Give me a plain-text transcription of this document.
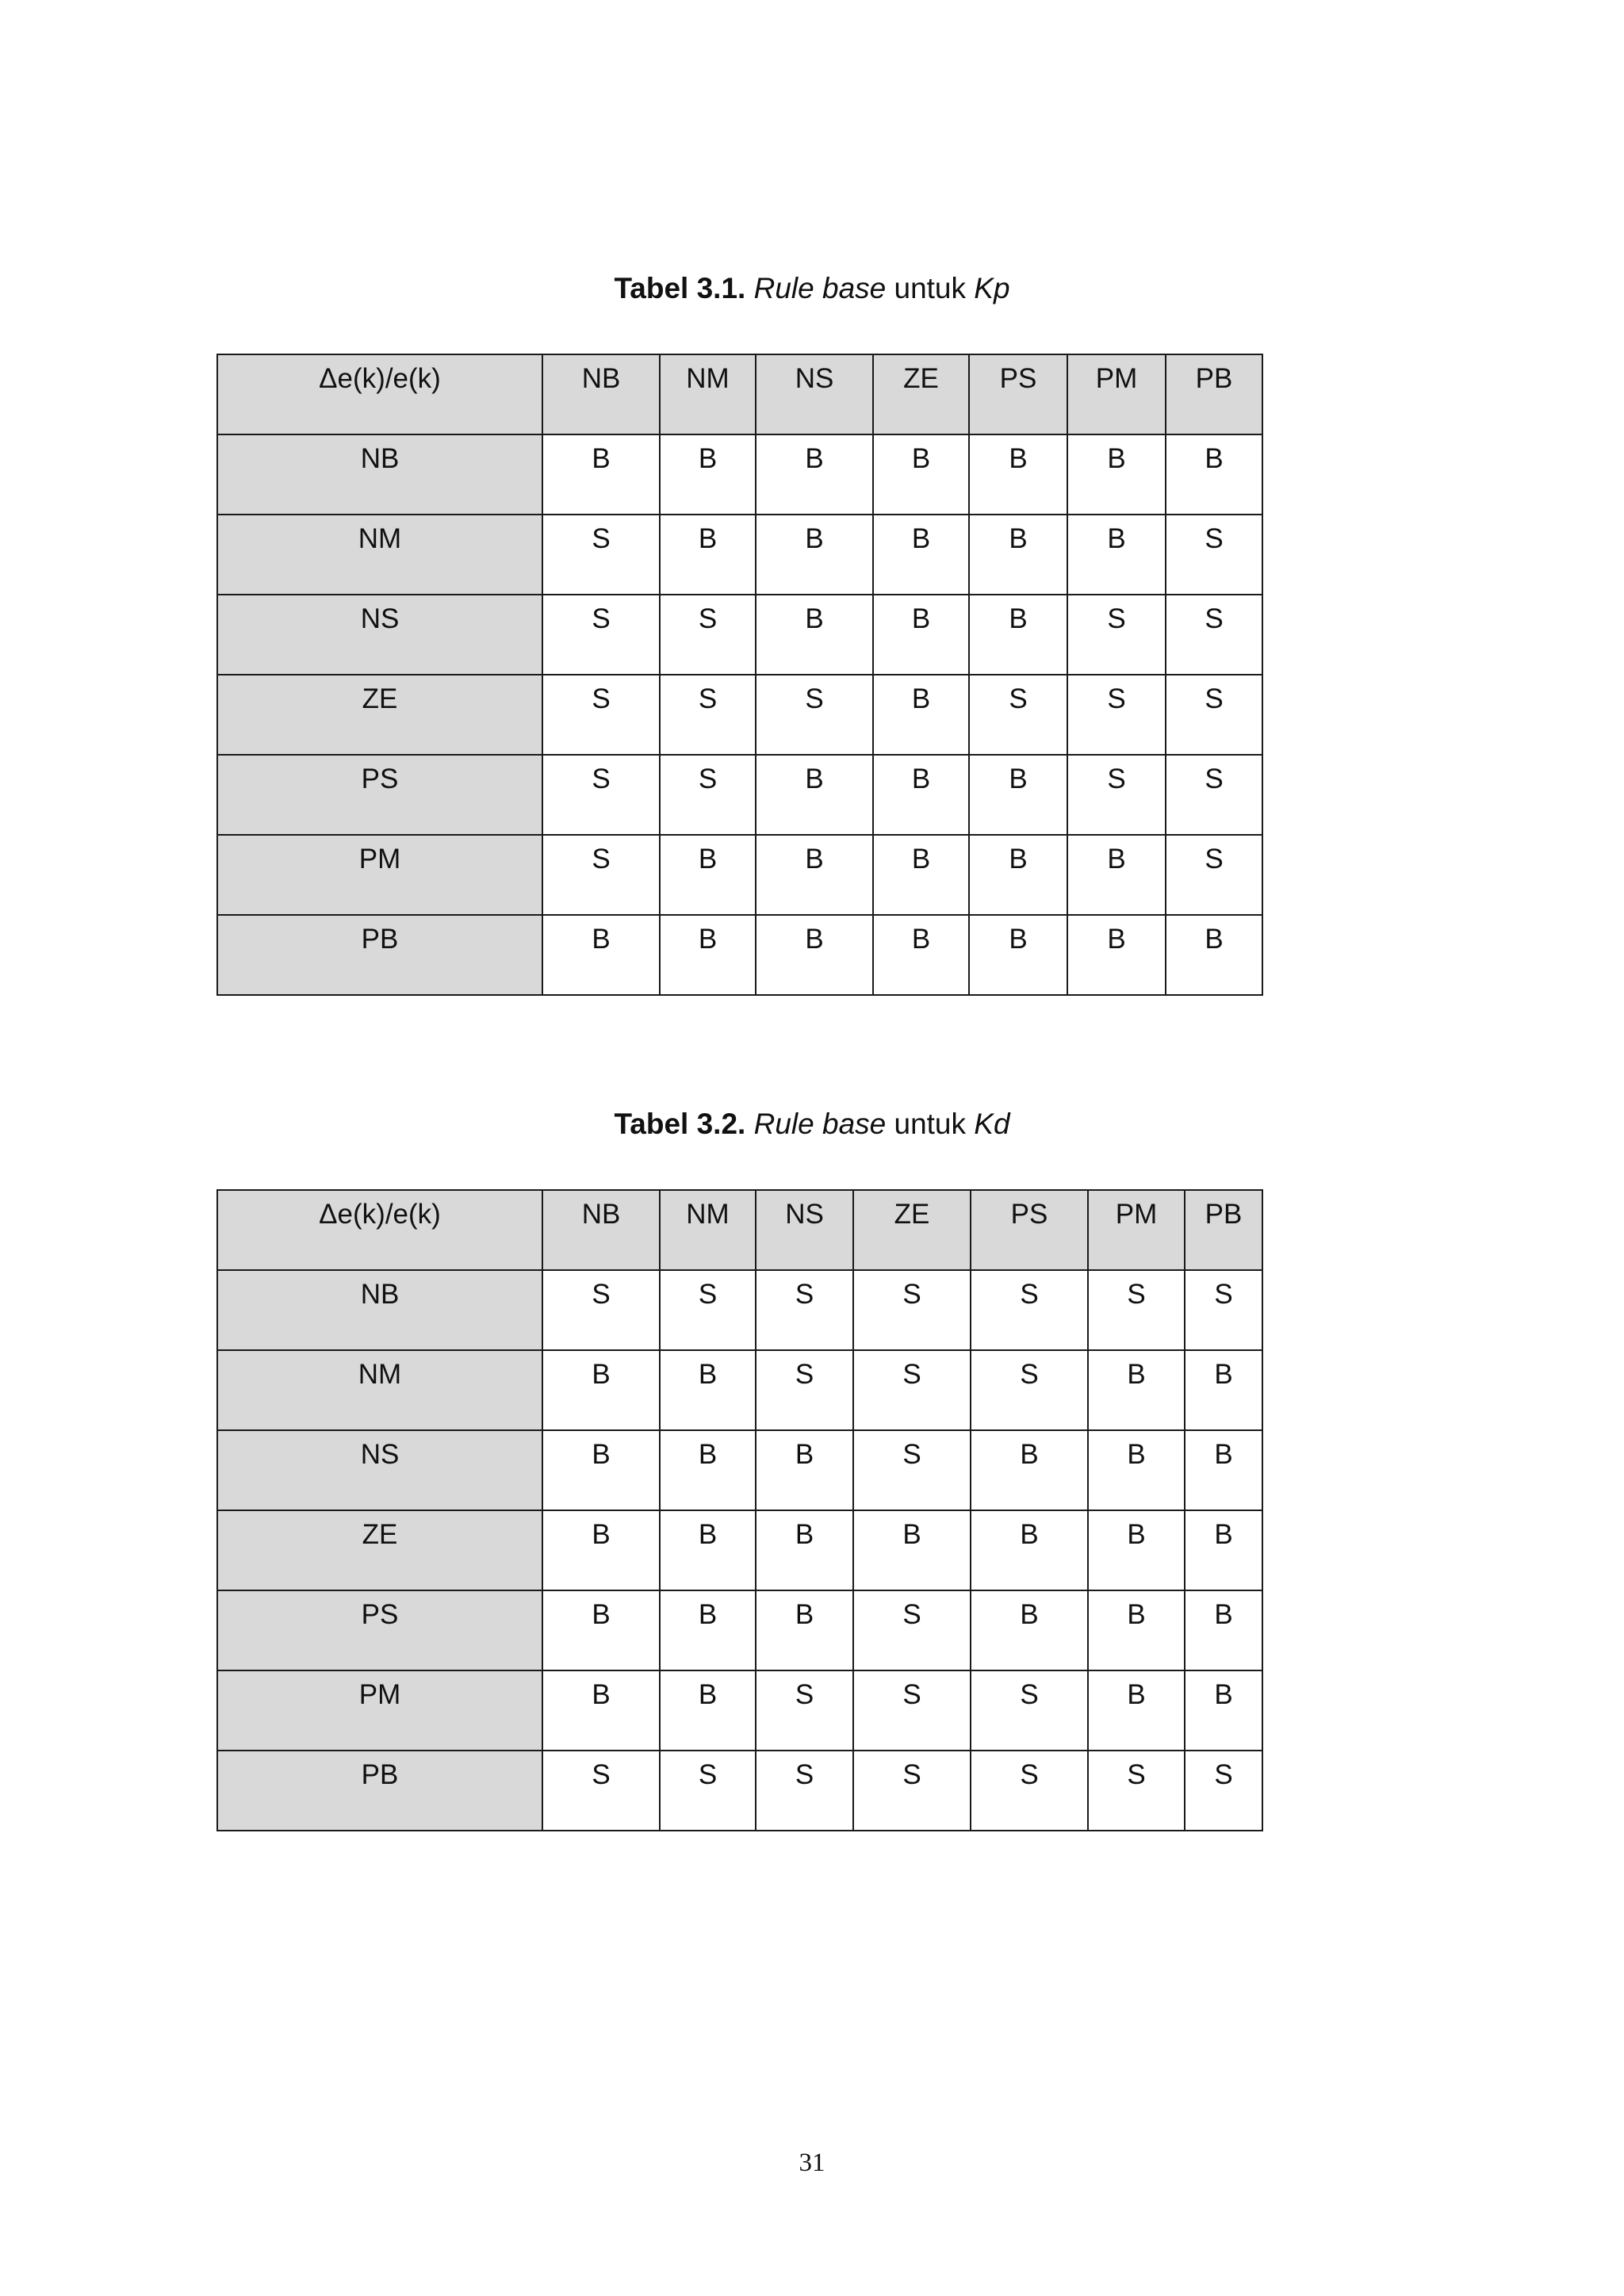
Tabel 3.1. Rule base untuk Kp
Δe(k)/e(k)	NB	NM	NS	ZE	PS	PM	PB
NB	B	B	B	B	B	B	B
NM	S	B	B	B	B	B	S
NS	S	S	B	B	B	S	S
ZE	S	S	S	B	S	S	S
PS	S	S	B	B	B	S	S
PM	S	B	B	B	B	B	S
PB	B	B	B	B	B	B	B
Tabel 3.2. Rule base untuk Kd
Δe(k)/e(k)	NB	NM	NS	ZE	PS	PM	PB
NB	S	S	S	S	S	S	S
NM	B	B	S	S	S	B	B
NS	B	B	B	S	B	B	B
ZE	B	B	B	B	B	B	B
PS	B	B	B	S	B	B	B
PM	B	B	S	S	S	B	B
PB	S	S	S	S	S	S	S
31
